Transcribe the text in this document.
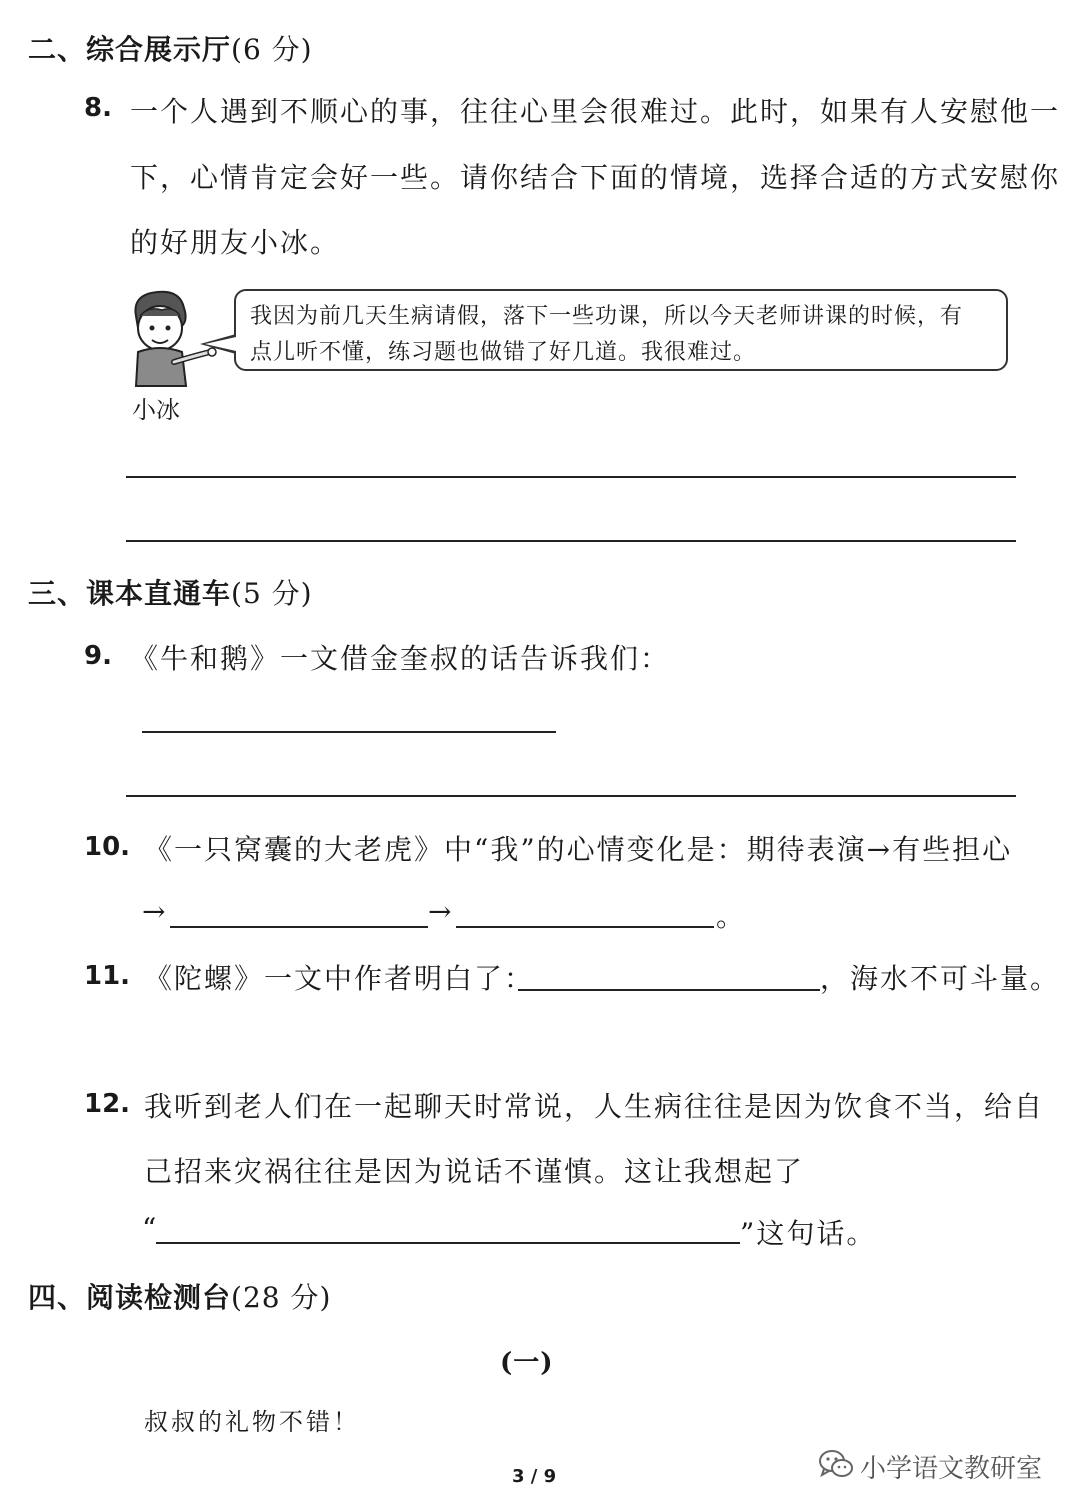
二、综合展示厅(6 分)
8. 一个人遇到不顺心的事，往往心里会很难过。此时，如果有人安慰他一
下，心情肯定会好一些。请你结合下面的情境，选择合适的方式安慰你
的好朋友小冰。
小冰
我因为前几天生病请假，落下一些功课，所以今天老师讲课的时候，有
点儿听不懂，练习题也做错了好几道。我很难过。
三、课本直通车(5 分)
9. 《牛和鹅》一文借金奎叔的话告诉我们：
10. 《一只窝囊的大老虎》中“我”的心情变化是：期待表演→有些担心
→	→	。
11. 《陀螺》一文中作者明白了：	，海水不可斗量。
12. 我听到老人们在一起聊天时常说，人生病往往是因为饮食不当，给自
己招来灾祸往往是因为说话不谨慎。这让我想起了
“	”这句话。
四、阅读检测台(28 分)
(一)
叔叔的礼物不错！
3 / 9	小学语文教研室
